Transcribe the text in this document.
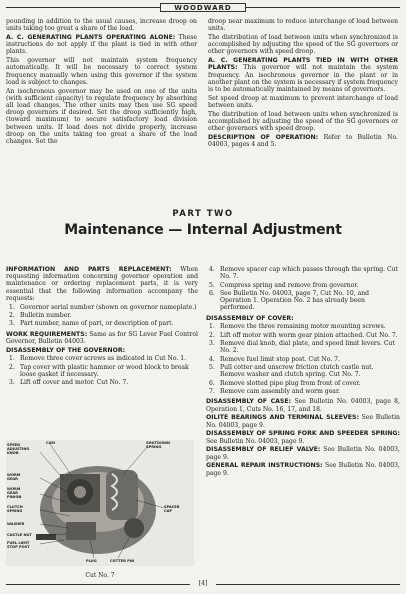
WOODWARD

pounding in addition to the usual causes, increase droop on units taking too great a share of the load.

A. C. GENERATING PLANTS OPERATING ALONE: These instructions do not apply if the plant is tied in with other plants.

This governor will not maintain system frequency automatically. It will be necessary to correct system frequency manually when using this governor if the system load is subject to changes.

An isochronous governor may be used on one of the units (with sufficient capacity) to regulate frequency by absorbing all load changes. The other units may then use SG speed droop governors if desired. Set the droop sufficiently high, (toward maximum) to secure satisfactory load division between units. If load does not divide properly, increase droop on the units taking too great a share of the load changes. Set the

droop near maximum to reduce interchange of load between units.

The distribution of load between units when synchronized is accomplished by adjusting the speed of the SG governors or other governors with speed droop.

A. C. GENERATING PLANTS TIED IN WITH OTHER PLANTS: This governor will not maintain the system frequency. An isochronous governor in the plant or in another plant on the system is necessary if system frequency is to be automatically maintained by means of governors.

Set speed droop at maximum to prevent interchange of load between units.

The distribution of load between units when synchronized is accomplished by adjusting the speed of the SG governors or other governors with speed droop.

DESCRIPTION OF OPERATION: Refer to Bulletin No. 04003, pages 4 and 5.

PART TWO
Maintenance — Internal Adjustment

INFORMATION AND PARTS REPLACEMENT: When requesting information concerning governor operation and maintenance or ordering replacement parts, it is very essential that the following information accompany the requests:

1. Governor serial number (shown on governor nameplate.)
2. Bulletin number.
3. Part number, name of part, or description of part.

WORK REQUIREMENTS: Same as for SG Lever Fuel Control Governor, Bulletin 04003.

DISASSEMBLY OF THE GOVERNOR:

1. Remove three cover screws as indicated in Cut No. 1.
2. Tap cover with plastic hammer or wood block to break loose gasket if necessary.
3. Lift off cover and motor. Cut No. 7.
SPEED
ADJUSTING
KNOB
CAM
WORM
GEAR
WORM
GEAR
PINION
CLUTCH
SPRING
WASHER
CASTLE NUT
FUEL LIMIT
STOP POST
PLUG	COTTER PIN
SHUTDOWN
SPRING
SPACER
CAP
Cut No. 7
4. Remove spacer cap which passes through the spring. Cut No. 7.
5. Compress spring and remove from governor.
6. See Bulletin No. 04003, page 7, Cut No. 10, and Operation 1. Operation No. 2 has already been performed.

DISASSEMBLY OF COVER:

1. Remove the three remaining motor mounting screws.
2. Lift off motor with worm gear pinion attached. Cut No. 7.
3. Remove dial knob, dial plate, and speed limit levers. Cut No. 2.
4. Remove fuel limit stop post. Cut No. 7.
5. Pull cotter and unscrew friction clutch castle nut. Remove washer and clutch spring. Cut No. 7.
6. Remove slotted pipe plug from front of cover.
7. Remove cam assembly and worm gear.

DISASSEMBLY OF CASE: See Bulletin No. 04003, page 8, Operation 1, Cuts No. 16, 17, and 18.

OILITE BEARINGS AND TERMINAL SLEEVES: See Bulletin No. 04003, page 9.

DISASSEMBLY OF SPRING FORK AND SPEEDER SPRING: See Bulletin No. 04003, page 9.

DISASSEMBLY OF RELIEF VALVE: See Bulletin No. 04003, page 9.

GENERAL REPAIR INSTRUCTIONS: See Bulletin No. 04003, page 9.

[4]
